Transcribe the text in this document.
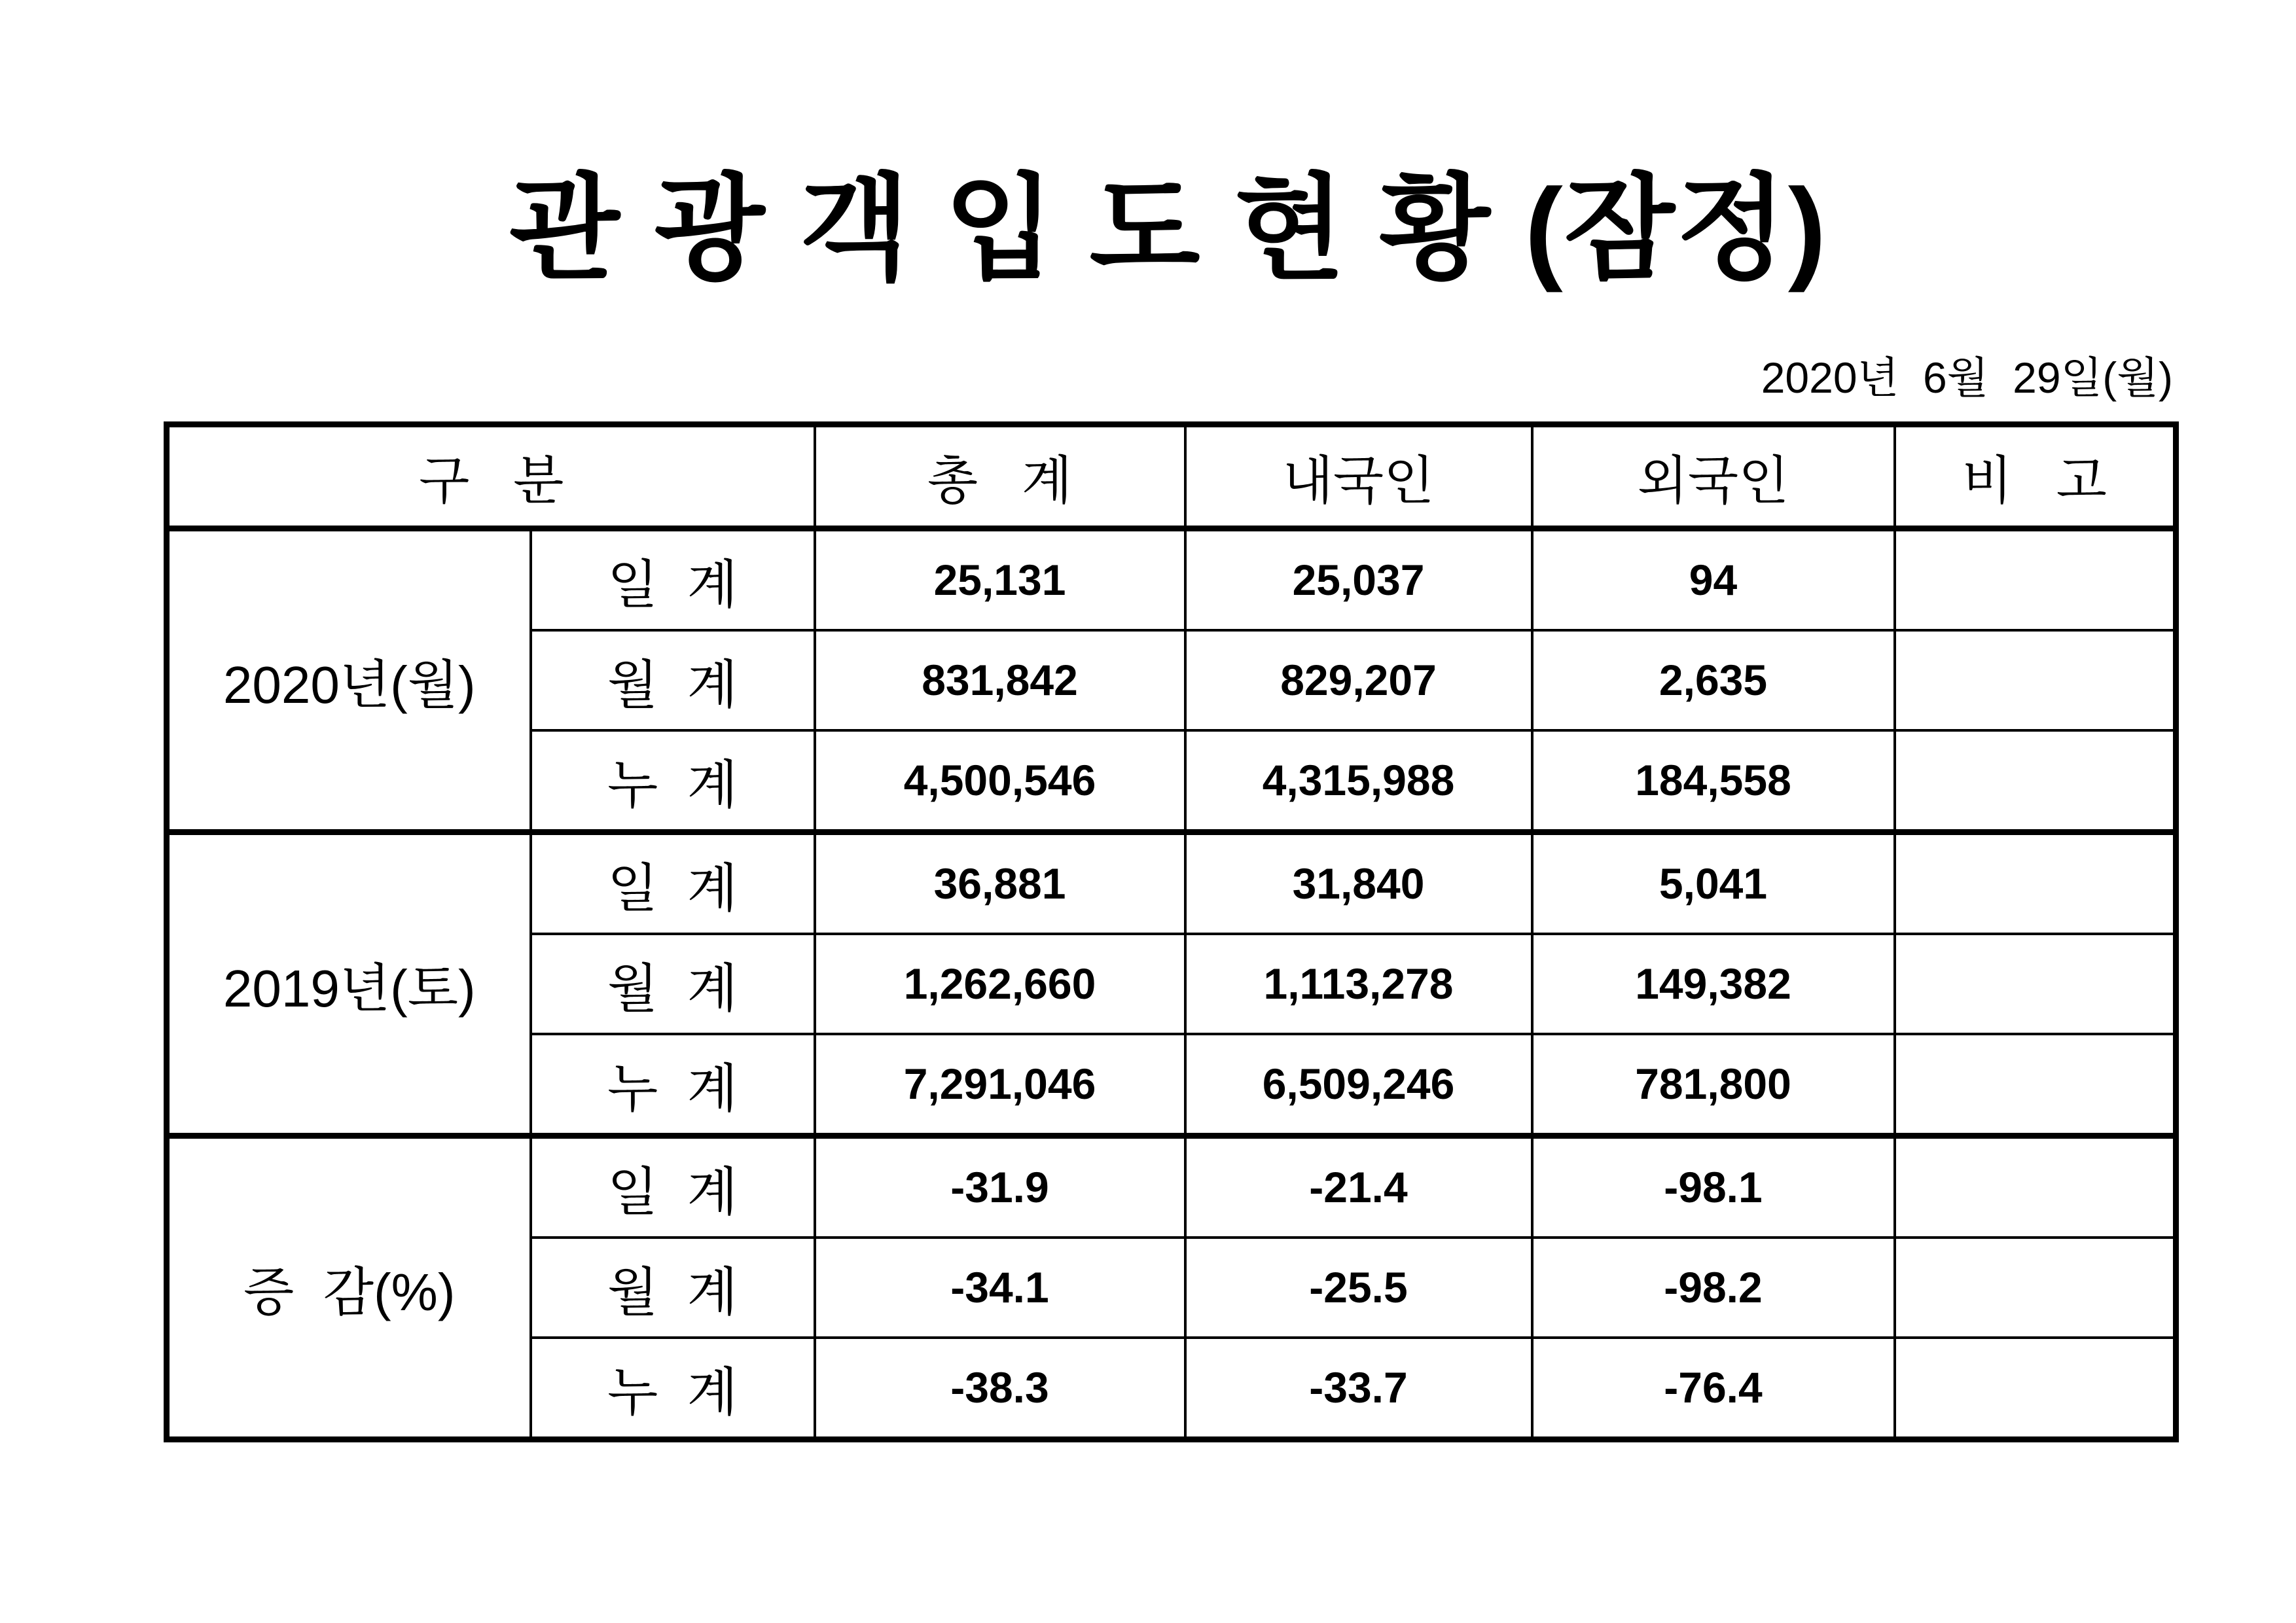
관 광 객 입 도 현 황 (잠정)
2020년  6월  29일(월)
구   분		총   계	내국인	외국인	비   고
2020년(월)	일  계	25,131	25,037	94	
	월  계	831,842	829,207	2,635	
	누  계	4,500,546	4,315,988	184,558	
2019년(토)	일  계	36,881	31,840	5,041	
	월  계	1,262,660	1,113,278	149,382	
	누  계	7,291,046	6,509,246	781,800	
증  감(%)	일  계	-31.9	-21.4	-98.1	
	월  계	-34.1	-25.5	-98.2	
	누  계	-38.3	-33.7	-76.4	
